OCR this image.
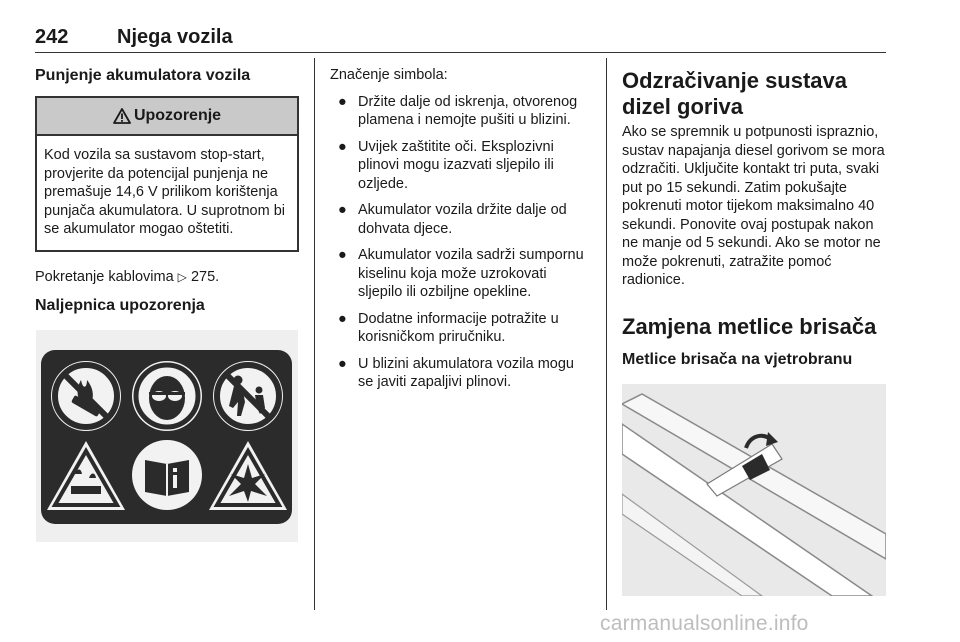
242 Njega vozila
Punjenje akumulatora vozila
Upozorenje
Kod vozila sa sustavom stop-start, provjerite da potencijal punjenja ne premašuje 14,6 V prilikom korištenja punjača akumulatora. U suprotnom bi se akumulator mogao oštetiti.

Pokretanje kablovima ▷ 275.

Naljepnica upozorenja

Značenje simbola:

● Držite dalje od iskrenja, otvorenog plamena i nemojte pušiti u blizini.
● Uvijek zaštitite oči. Eksplozivni plinovi mogu izazvati sljepilo ili ozljede.
● Akumulator vozila držite dalje od dohvata djece.
● Akumulator vozila sadrži sumpornu kiselinu koja može uzrokovati sljepilo ili ozbiljne opekline.
● Dodatne informacije potražite u korisničkom priručniku.
● U blizini akumulatora vozila mogu se javiti zapaljivi plinovi.
Odzračivanje sustava dizel goriva

Ako se spremnik u potpunosti ispraznio, sustav napajanja diesel gorivom se mora odzračiti. Uključite kontakt tri puta, svaki put po 15 sekundi. Zatim pokušajte pokrenuti motor tijekom maksimalno 40 sekundi. Ponovite ovaj postupak nakon ne manje od 5 sekundi. Ako se motor ne može pokrenuti, zatražite pomoć radionice.

Zamjena metlice brisača
Metlice brisača na vjetrobranu
carmanualsonline.info
